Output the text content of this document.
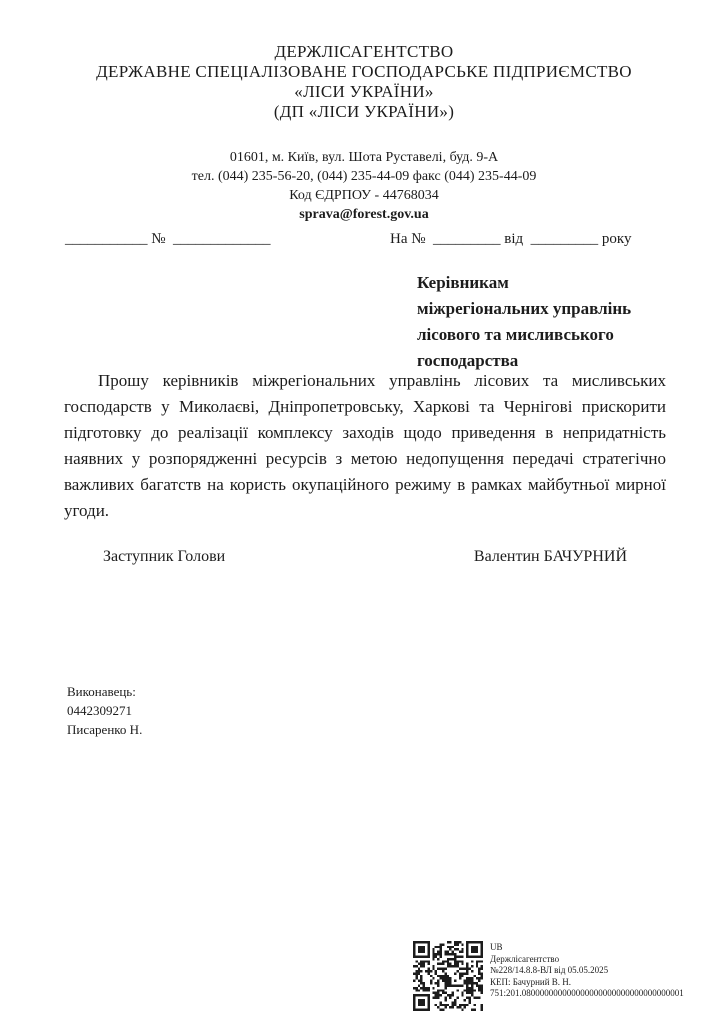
ДЕРЖЛІСАГЕНТСТВО
ДЕРЖАВНЕ СПЕЦІАЛІЗОВАНЕ ГОСПОДАРСЬКЕ ПІДПРИЄМСТВО
«ЛІСИ УКРАЇНИ»
(ДП «ЛІСИ УКРАЇНИ»)
01601, м. Київ, вул. Шота Руставелі, буд. 9-А
тел. (044) 235-56-20, (044) 235-44-09 факс (044) 235-44-09
Код ЄДРПОУ - 44768034
sprava@forest.gov.ua
___________ №  _____________	На №  _________ від  _________ року
Керівникам
міжрегіональних управлінь
лісового та мисливського
господарства
Прошу керівників міжрегіональних управлінь лісових та мисливських господарств у Миколаєві, Дніпропетровську, Харкові та Чернігові прискорити підготовку до реалізації комплексу заходів щодо приведення в непридатність наявних у розпорядженні ресурсів з метою недопущення передачі стратегічно важливих багатств на користь окупаційного режиму в рамках майбутньої мирної угоди.
Заступник Голови	Валентин БАЧУРНИЙ
Виконавець:
0442309271
Писаренко Н.
UB
Держлісагентство
№228/14.8.8-ВЛ від 05.05.2025
КЕП: Бачурний В. Н.
751:201.080000000000000000000000000000000001
